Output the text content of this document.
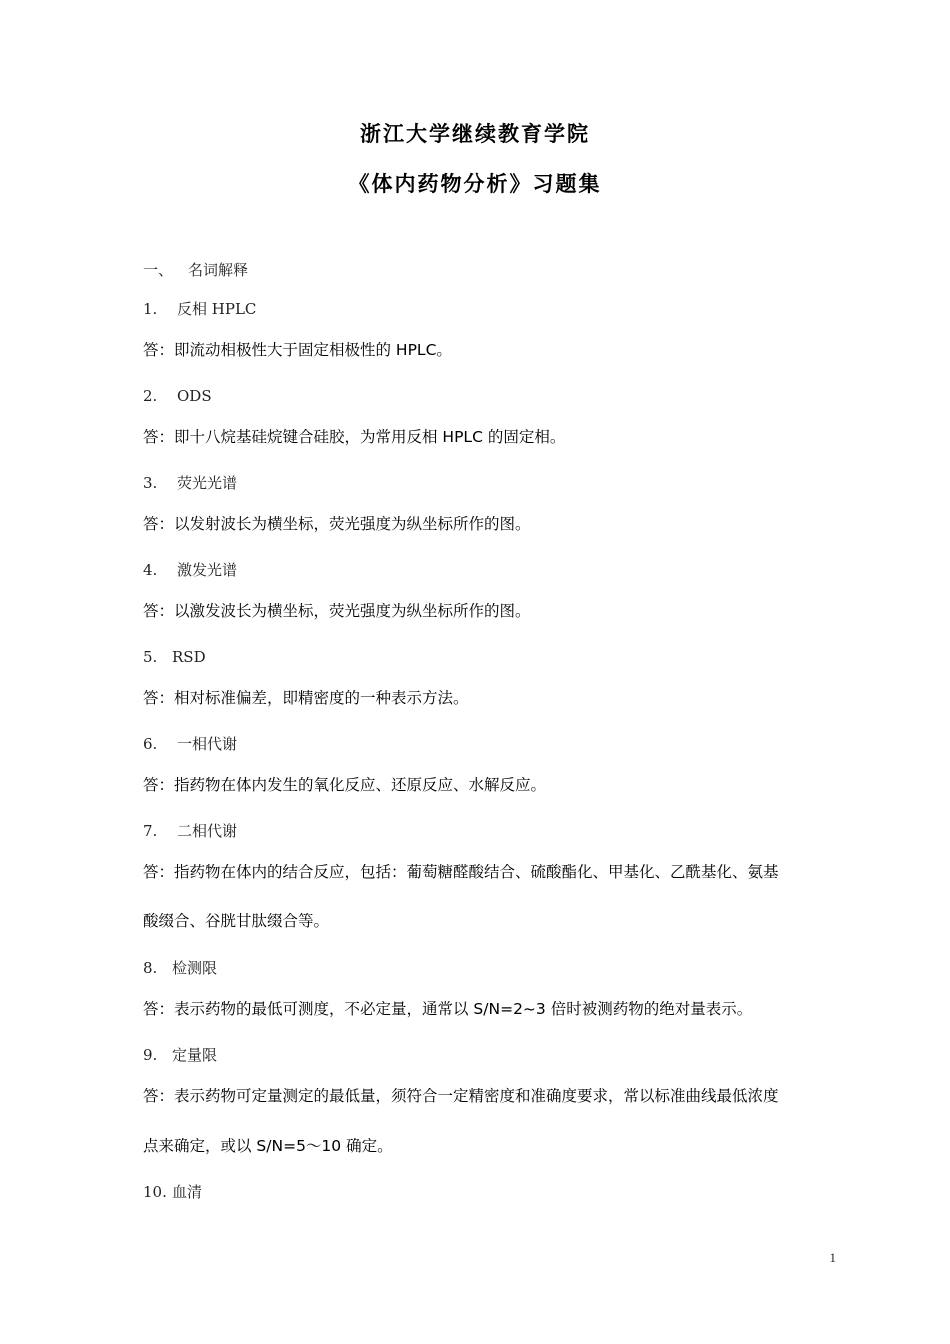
浙江大学继续教育学院
《体内药物分析》习题集
一、 名词解释
1. 反相 HPLC
答：即流动相极性大于固定相极性的 HPLC。
2. ODS
答：即十八烷基硅烷键合硅胶，为常用反相 HPLC 的固定相。
3. 荧光光谱
答：以发射波长为横坐标，荧光强度为纵坐标所作的图。
4. 激发光谱
答：以激发波长为横坐标，荧光强度为纵坐标所作的图。
5. RSD
答：相对标准偏差，即精密度的一种表示方法。
6. 一相代谢
答：指药物在体内发生的氧化反应、还原反应、水解反应。
7. 二相代谢
答：指药物在体内的结合反应，包括：葡萄糖醛酸结合、硫酸酯化、甲基化、乙酰基化、氨基
酸缀合、谷胱甘肽缀合等。
8. 检测限
答：表示药物的最低可测度，不必定量，通常以 S/N=2~3 倍时被测药物的绝对量表示。
9. 定量限
答：表示药物可定量测定的最低量，须符合一定精密度和准确度要求，常以标准曲线最低浓度
点来确定，或以 S/N=5～10 确定。
10. 血清
1
